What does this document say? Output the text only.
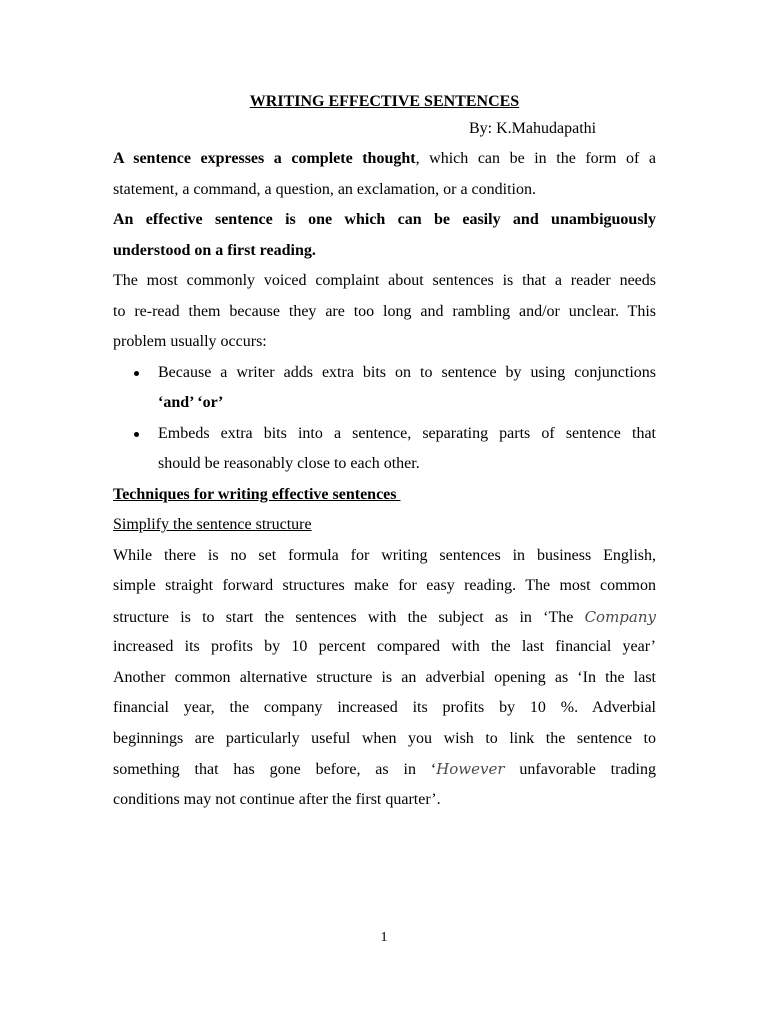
WRITING EFFECTIVE SENTENCES
By: K.Mahudapathi
A sentence expresses a complete thought, which can be in the form of a
statement, a command, a question, an exclamation, or a condition.
An effective sentence is one which can be easily and unambiguously
understood on a first reading.
The most commonly voiced complaint about sentences is that a reader needs
to re-read them because they are too long and rambling and/or unclear. This
problem usually occurs:
Because a writer adds extra bits on to sentence by using conjunctions
‘and’ ‘or’
Embeds extra bits into a sentence, separating parts of sentence that
should be reasonably close to each other.
Techniques for writing effective sentences
Simplify the sentence structure
While there is no set formula for writing sentences in business English,
simple straight forward structures make for easy reading. The most common
structure is to start the sentences with the subject as in ‘The Company
increased its profits by 10 percent compared with the last financial year’
Another common alternative structure is an adverbial opening as ‘In the last
financial year, the company increased its profits by 10 %. Adverbial
beginnings are particularly useful when you wish to link the sentence to
something that has gone before, as in ‘However unfavorable trading
conditions may not continue after the first quarter’.
1
